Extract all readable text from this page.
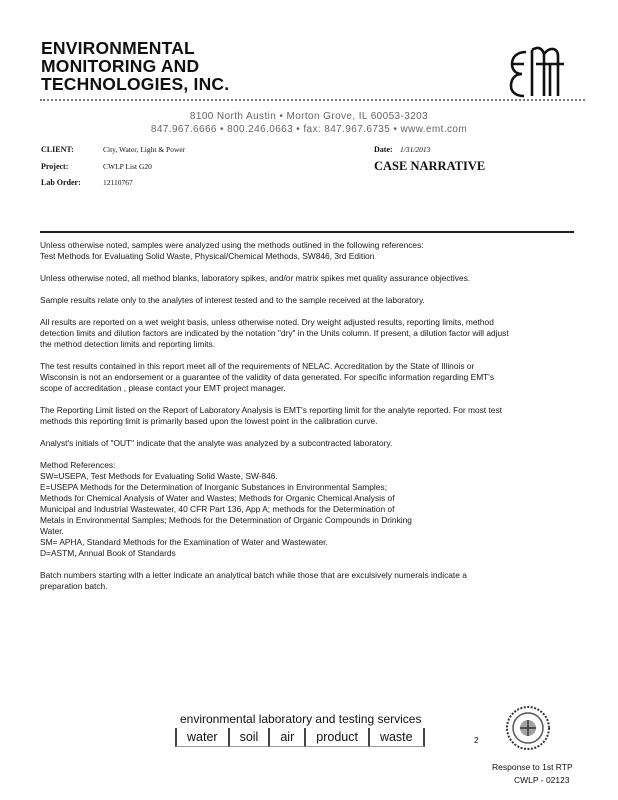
ENVIRONMENTAL
MONITORING AND
TECHNOLOGIES, INC.
8100 North Austin • Morton Grove, IL 60053-3203
847.967.6666 • 800.246.0663 • fax: 847.967.6735 • www.emt.com
CLIENT:	City, Water, Light & Power	Date: 1/31/2013
Project:	CWLP List G20	CASE NARRATIVE
Lab Order:	12110767

Unless otherwise noted, samples were analyzed using the methods outlined in the following references:

Test Methods for Evaluating Solid Waste, Physical/Chemical Methods, SW846, 3rd Edition

Unless otherwise noted, all method blanks, laboratory spikes, and/or matrix spikes met quality assurance objectives.

Sample results relate only to the analytes of interest tested and to the sample received at the laboratory.

All results are reported on a wet weight basis, unless otherwise noted. Dry weight adjusted results, reporting limits, method detection limits and dilution factors are indicated by the notation "dry" in the Units column. If present, a dilution factor will adjust the method detection limits and reporting limits.

The test results contained in this report meet all of the requirements of NELAC. Accreditation by the State of Illinois or Wisconsin is not an endorsement or a guarantee of the validity of data generated. For specific information regarding EMT's scope of accreditation , please contact your EMT project manager.

The Reporting Limit listed on the Report of Laboratory Analysis is EMT's reporting limit for the analyte reported. For most test methods this reporting limit is primarily based upon the lowest point in the calibration curve.

Analyst's initials of "OUT" indicate that the analyte was analyzed by a subcontracted laboratory.

Method References:
SW=USEPA, Test Methods for Evaluating Solid Waste, SW-846.
E=USEPA Methods for the Determination of Inorganic Substances in Environmental Samples;
Methods for Chemical Analysis of Water and Wastes; Methods for Organic Chemical Analysis of
Municipal and Industrial Wastewater, 40 CFR Part 136, App A; methods for the Determination of
Metals in Environmental Samples; Methods for the Determination of Organic Compounds in Drinking
Water.
SM= APHA, Standard Methods for the Examination of Water and Wastewater.
D=ASTM, Annual Book of Standards

Batch numbers starting with a letter indicate an analytical batch while those that are exculsively numerals indicate a preparation batch.

environmental laboratory and testing services
water	soil	air	product	waste	2
Response to 1st RTP
CWLP - 02123
